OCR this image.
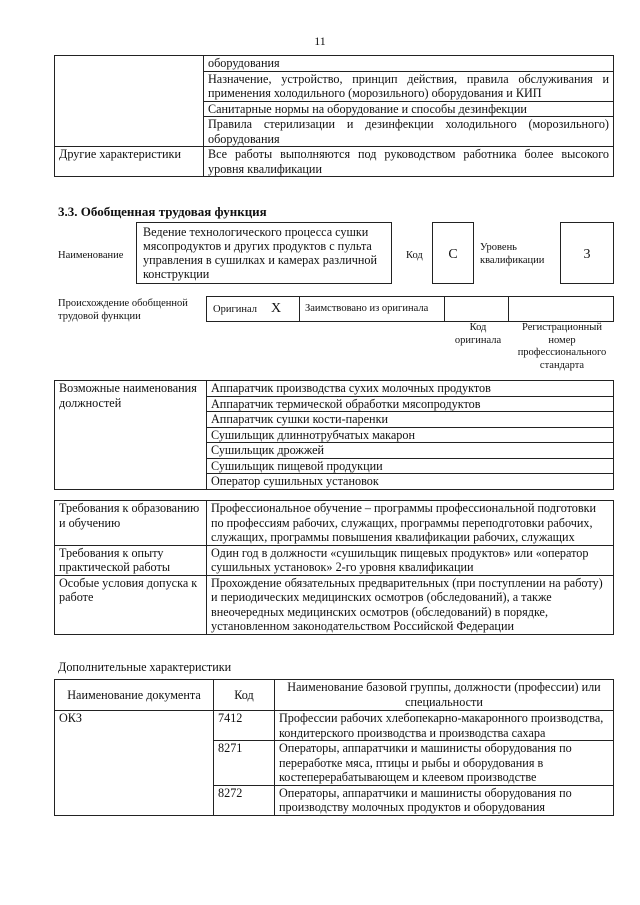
11
	оборудования
	Назначение, устройство, принцип действия, правила обслуживания и применения холодильного (морозильного) оборудования и КИП
	Санитарные нормы на оборудование и способы дезинфекции
	Правила стерилизации и дезинфекции холодильного (морозильного) оборудования
Другие характеристики	Все работы выполняются под руководством работника более высокого уровня квалификации
3.3. Обобщенная трудовая функция
Наименование
Ведение технологического процесса сушки мясопродуктов и других продуктов с пульта управления в сушилках и камерах различной конструкции
Код	C	Уровень квалификации	3
Происхождение обобщенной трудовой функции
Оригинал X Заимствовано из оригинала
Код оригинала
Регистрационный номер профессионального стандарта
Возможные наименования должностей	Аппаратчик производства сухих молочных продуктов
Аппаратчик термической обработки мясопродуктов
Аппаратчик сушки кости-паренки
Сушильщик длиннотрубчатых макарон
Сушильщик дрожжей
Сушильщик пищевой продукции
Оператор сушильных установок
Требования к образованию и обучению	Профессиональное обучение – программы профессиональной подготовки по профессиям рабочих, служащих, программы переподготовки рабочих, служащих, программы повышения квалификации рабочих, служащих
Требования к опыту практической работы	Один год в должности «сушильщик пищевых продуктов» или «оператор сушильных установок» 2-го уровня квалификации
Особые условия допуска к работе	Прохождение обязательных предварительных (при поступлении на работу) и периодических медицинских осмотров (обследований), а также внеочередных медицинских осмотров (обследований) в порядке, установленном законодательством Российской Федерации
Дополнительные характеристики
Наименование документа	Код	Наименование базовой группы, должности (профессии) или специальности
ОКЗ	7412	Профессии рабочих хлебопекарно-макаронного производства, кондитерского производства и производства сахара
	8271	Операторы, аппаратчики и машинисты оборудования по переработке мяса, птицы и рыбы и оборудования в костеперерабатывающем и клеевом производстве
	8272	Операторы, аппаратчики и машинисты оборудования по производству молочных продуктов и оборудования
